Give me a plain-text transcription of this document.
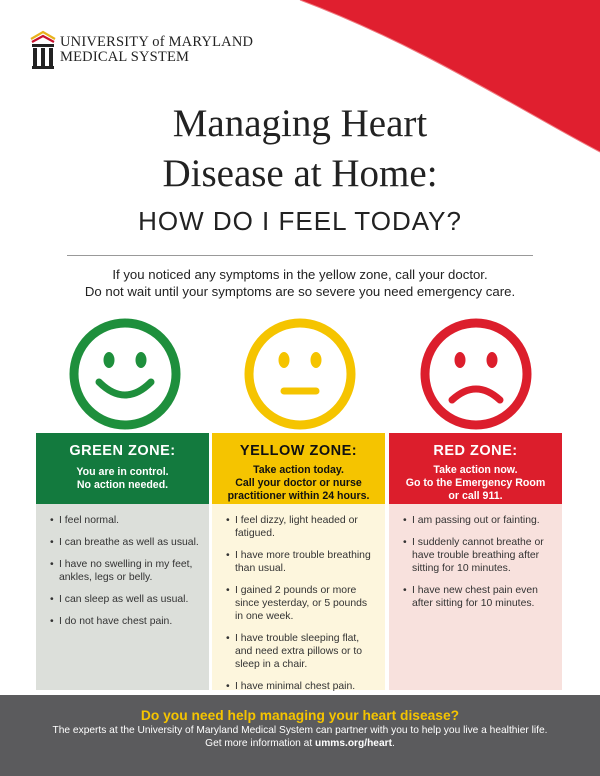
UNIVERSITY of MARYLAND
MEDICAL SYSTEM
Managing Heart
Disease at Home:
HOW DO I FEEL TODAY?
If you noticed any symptoms in the yellow zone, call your doctor.
Do not wait until your symptoms are so severe you need emergency care.
GREEN ZONE:
You are in control.
No action needed.
• I feel normal.
• I can breathe as well as usual.
• I have no swelling in my feet, ankles, legs or belly.
• I can sleep as well as usual.
• I do not have chest pain.
YELLOW ZONE:
Take action today.
Call your doctor or nurse
practitioner within 24 hours.
• I feel dizzy, light headed or fatigued.
• I have more trouble breathing than usual.
• I gained 2 pounds or more since yesterday, or 5 pounds in one week.
• I have trouble sleeping flat, and need extra pillows or to sleep in a chair.
• I have minimal chest pain.
RED ZONE:
Take action now.
Go to the Emergency Room
or call 911.
• I am passing out or fainting.
• I suddenly cannot breathe or have trouble breathing after sitting for 10 minutes.
• I have new chest pain even after sitting for 10 minutes.
Do you need help managing your heart disease?
The experts at the University of Maryland Medical System can partner with you to help you live a healthier life.
Get more information at umms.org/heart.
